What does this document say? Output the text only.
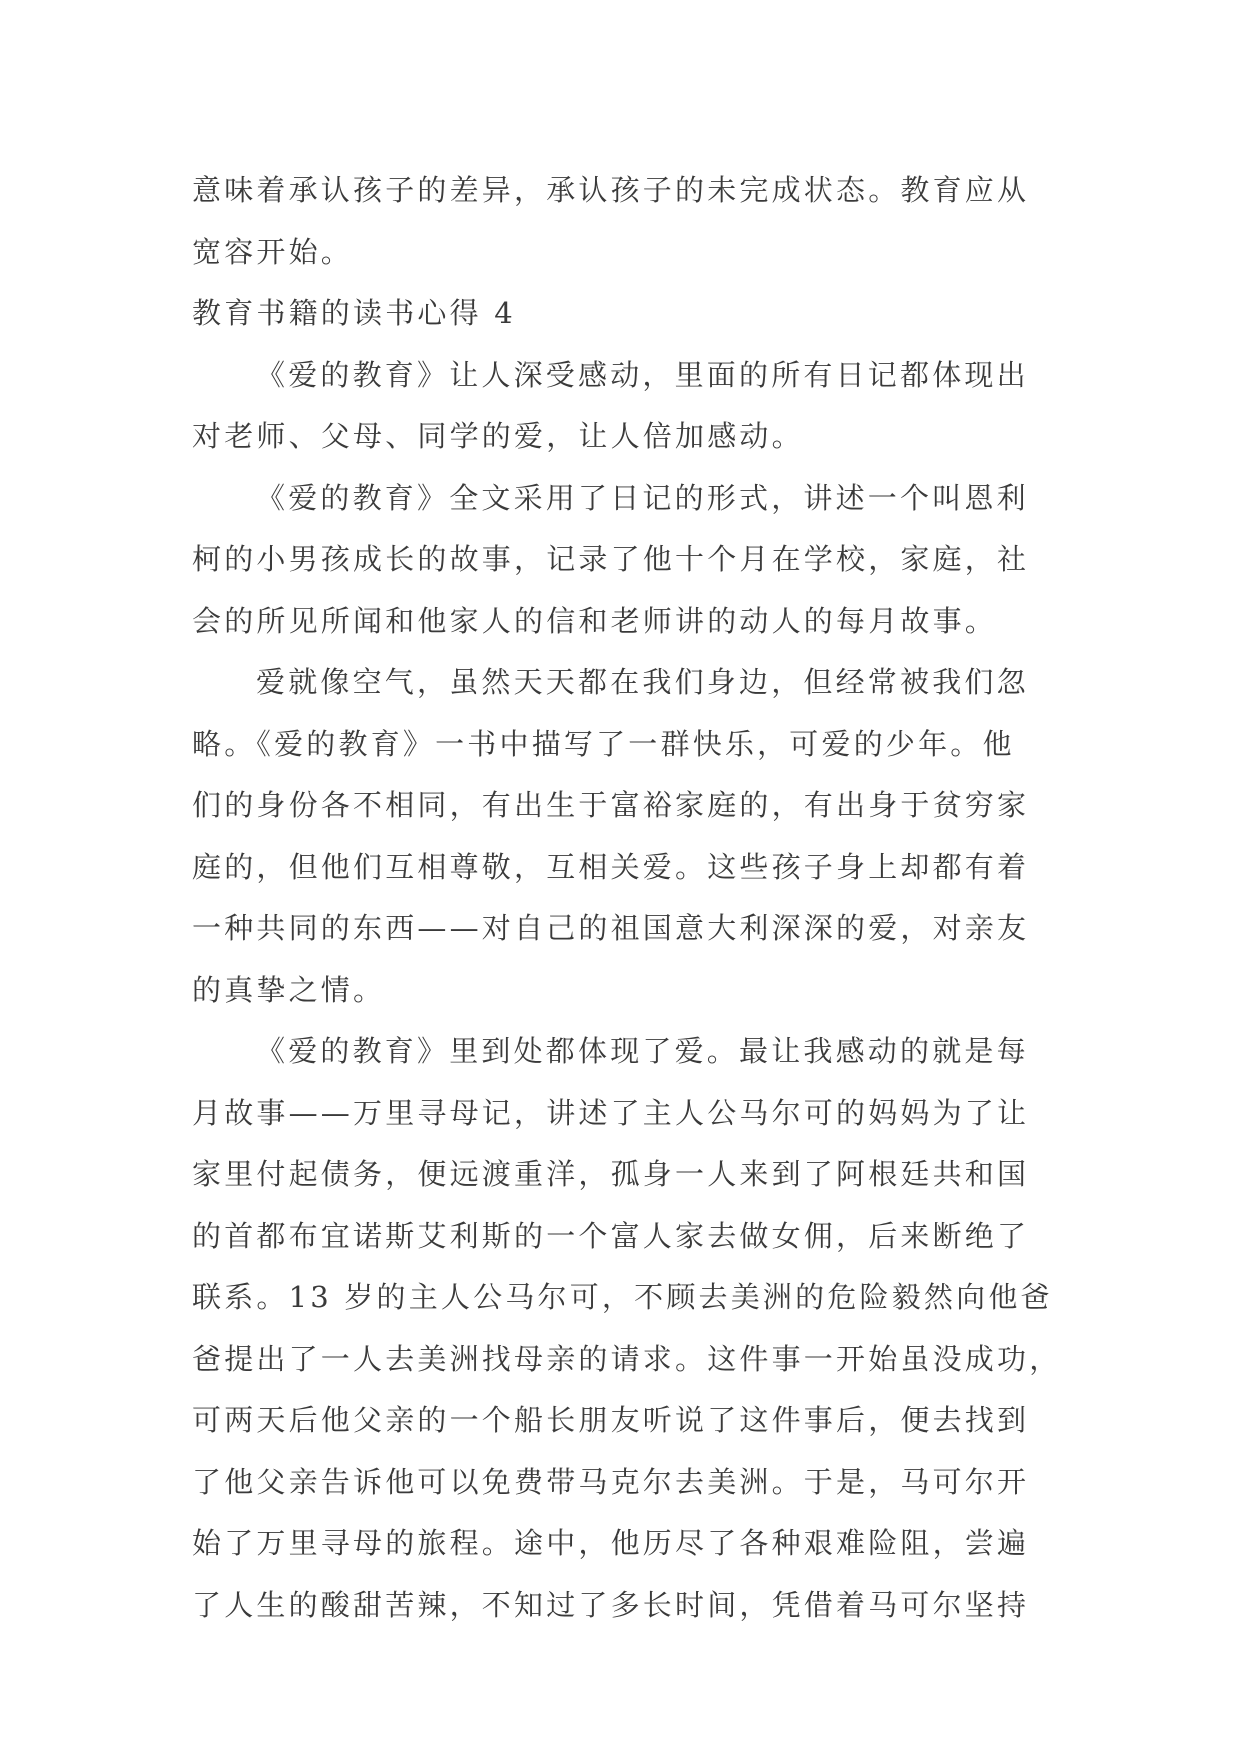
意味着承认孩子的差异，承认孩子的未完成状态。教育应从
宽容开始。
教育书籍的读书心得 4
《爱的教育》让人深受感动，里面的所有日记都体现出
对老师、父母、同学的爱，让人倍加感动。
《爱的教育》全文采用了日记的形式，讲述一个叫恩利
柯的小男孩成长的故事，记录了他十个月在学校，家庭，社
会的所见所闻和他家人的信和老师讲的动人的每月故事。
爱就像空气，虽然天天都在我们身边，但经常被我们忽
略。《爱的教育》一书中描写了一群快乐，可爱的少年。他
们的身份各不相同，有出生于富裕家庭的，有出身于贫穷家
庭的，但他们互相尊敬，互相关爱。这些孩子身上却都有着
一种共同的东西——对自己的祖国意大利深深的爱，对亲友
的真挚之情。
《爱的教育》里到处都体现了爱。最让我感动的就是每
月故事——万里寻母记，讲述了主人公马尔可的妈妈为了让
家里付起债务，便远渡重洋，孤身一人来到了阿根廷共和国
的首都布宜诺斯艾利斯的一个富人家去做女佣，后来断绝了
联系。13 岁的主人公马尔可，不顾去美洲的危险毅然向他爸
爸提出了一人去美洲找母亲的请求。这件事一开始虽没成功，
可两天后他父亲的一个船长朋友听说了这件事后，便去找到
了他父亲告诉他可以免费带马克尔去美洲。于是，马可尔开
始了万里寻母的旅程。途中，他历尽了各种艰难险阻，尝遍
了人生的酸甜苦辣，不知过了多长时间，凭借着马可尔坚持
